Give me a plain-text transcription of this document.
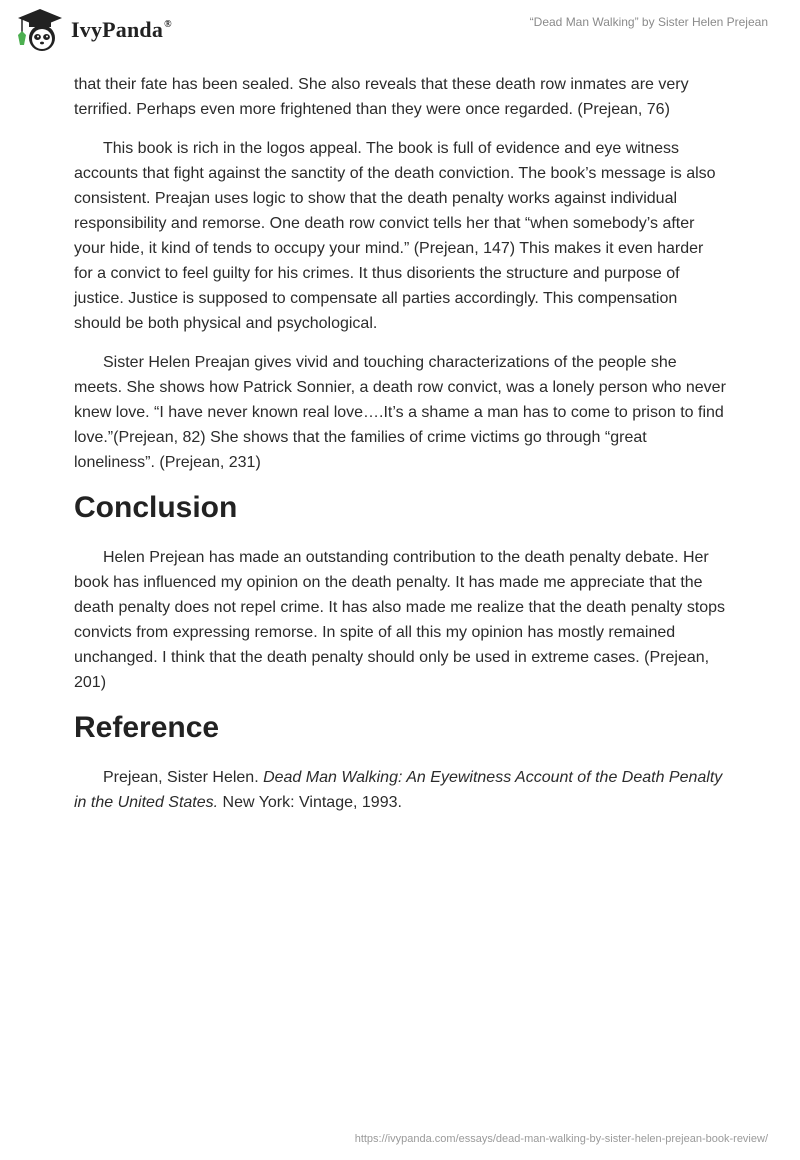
IvyPanda®	“Dead Man Walking” by Sister Helen Prejean

that their fate has been sealed. She also reveals that these death row inmates are very terrified. Perhaps even more frightened than they were once regarded. (Prejean, 76)

This book is rich in the logos appeal. The book is full of evidence and eye witness accounts that fight against the sanctity of the death conviction. The book’s message is also consistent. Preajan uses logic to show that the death penalty works against individual responsibility and remorse. One death row convict tells her that “when somebody’s after your hide, it kind of tends to occupy your mind.” (Prejean, 147) This makes it even harder for a convict to feel guilty for his crimes. It thus disorients the structure and purpose of justice. Justice is supposed to compensate all parties accordingly. This compensation should be both physical and psychological.

Sister Helen Preajan gives vivid and touching characterizations of the people she meets. She shows how Patrick Sonnier, a death row convict, was a lonely person who never knew love. “I have never known real love….It’s a shame a man has to come to prison to find love.”(Prejean, 82) She shows that the families of crime victims go through “great loneliness”. (Prejean, 231)

Conclusion

Helen Prejean has made an outstanding contribution to the death penalty debate. Her book has influenced my opinion on the death penalty. It has made me appreciate that the death penalty does not repel crime. It has also made me realize that the death penalty stops convicts from expressing remorse. In spite of all this my opinion has mostly remained unchanged. I think that the death penalty should only be used in extreme cases. (Prejean, 201)

Reference

Prejean, Sister Helen. Dead Man Walking: An Eyewitness Account of the Death Penalty in the United States. New York: Vintage, 1993.

https://ivypanda.com/essays/dead-man-walking-by-sister-helen-prejean-book-review/
